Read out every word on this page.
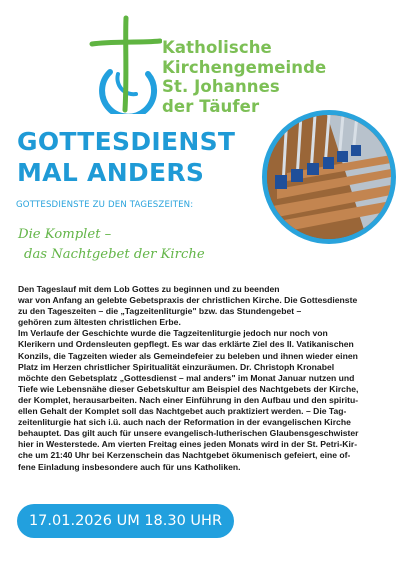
Katholische
Kirchengemeinde
St. Johannes
der Täufer
GOTTESDIENST
MAL ANDERS
GOTTESDIENSTE ZU DEN TAGESZEITEN:
Die Komplet –
das Nachtgebet der Kirche

Den Tageslauf mit dem Lob Gottes zu beginnen und zu beenden
war von Anfang an gelebte Gebetspraxis der christlichen Kirche. Die Gottesdienste
zu den Tageszeiten – die „Tagzeitenliturgie" bzw. das Stundengebet –
gehören zum ältesten christlichen Erbe.

Im Verlaufe der Geschichte wurde die Tagzeitenliturgie jedoch nur noch von
Klerikern und Ordensleuten gepflegt. Es war das erklärte Ziel des II. Vatikanischen
Konzils, die Tagzeiten wieder als Gemeindefeier zu beleben und ihnen wieder einen
Platz im Herzen christlicher Spiritualität einzuräumen. Dr. Christoph Kronabel
möchte den Gebetsplatz „Gottesdienst – mal anders" im Monat Januar nutzen und
Tiefe wie Lebensnähe dieser Gebetskultur am Beispiel des Nachtgebets der Kirche,
der Komplet, herausarbeiten. Nach einer Einführung in den Aufbau und den spiritu-
ellen Gehalt der Komplet soll das Nachtgebet auch praktiziert werden. – Die Tag-
zeitenliturgie hat sich i.ü. auch nach der Reformation in der evangelischen Kirche
behauptet. Das gilt auch für unsere evangelisch-lutherischen Glaubensgeschwister
hier in Westerstede. Am vierten Freitag eines jeden Monats wird in der St. Petri-Kir-
che um 21:40 Uhr bei Kerzenschein das Nachtgebet ökumenisch gefeiert, eine of-
fene Einladung insbesondere auch für uns Katholiken.

17.01.2026 UM 18.30 UHR
